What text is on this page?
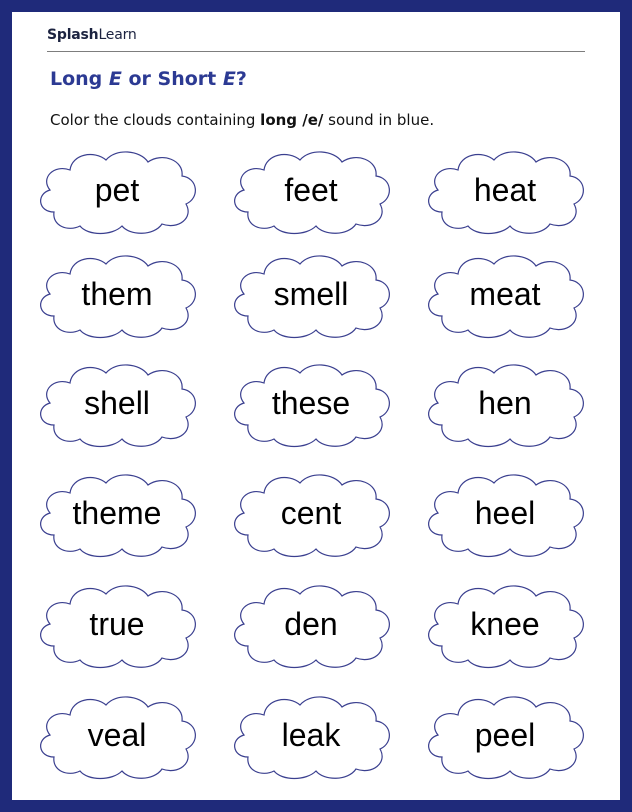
SplashLearn
Long E or Short E?
Color the clouds containing long /e/ sound in blue.
pet	feet	heat
them	smell	meat
shell	these	hen
theme	cent	heel
true	den	knee
veal	leak	peel
